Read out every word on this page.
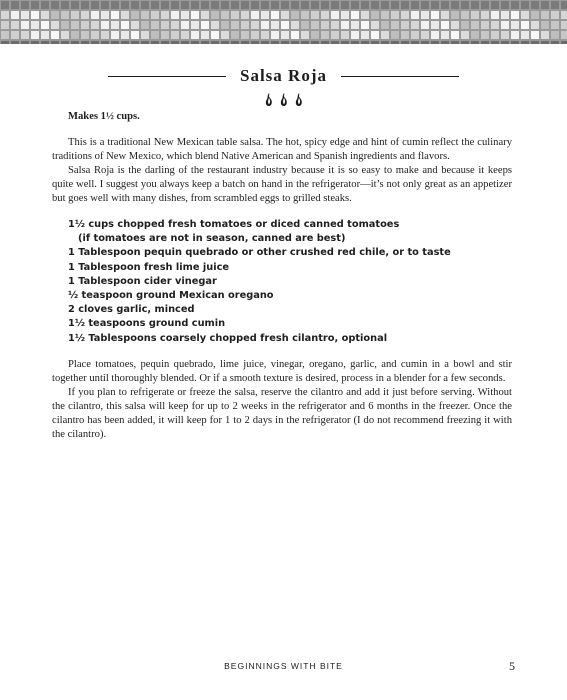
Salsa Roja

Makes 1½ cups.

This is a traditional New Mexican table salsa. The hot, spicy edge and hint of cumin reflect the culinary traditions of New Mexico, which blend Native American and Spanish ingredients and flavors.

Salsa Roja is the darling of the restaurant industry because it is so easy to make and because it keeps quite well. I suggest you always keep a batch on hand in the refrigerator—it’s not only great as an appetizer but goes well with many dishes, from scrambled eggs to grilled steaks.

1½ cups chopped fresh tomatoes or diced canned tomatoes
(if tomatoes are not in season, canned are best)
1 Tablespoon pequin quebrado or other crushed red chile, or to taste
1 Tablespoon fresh lime juice
1 Tablespoon cider vinegar
½ teaspoon ground Mexican oregano
2 cloves garlic, minced
1½ teaspoons ground cumin
1½ Tablespoons coarsely chopped fresh cilantro, optional

Place tomatoes, pequin quebrado, lime juice, vinegar, oregano, garlic, and cumin in a bowl and stir together until thoroughly blended. Or if a smooth texture is desired, process in a blender for a few seconds.

If you plan to refrigerate or freeze the salsa, reserve the cilantro and add it just before serving. Without the cilantro, this salsa will keep for up to 2 weeks in the refrigerator and 6 months in the freezer. Once the cilantro has been added, it will keep for 1 to 2 days in the refrigerator (I do not recommend freezing it with the cilantro).

BEGINNINGS WITH BITE	5
